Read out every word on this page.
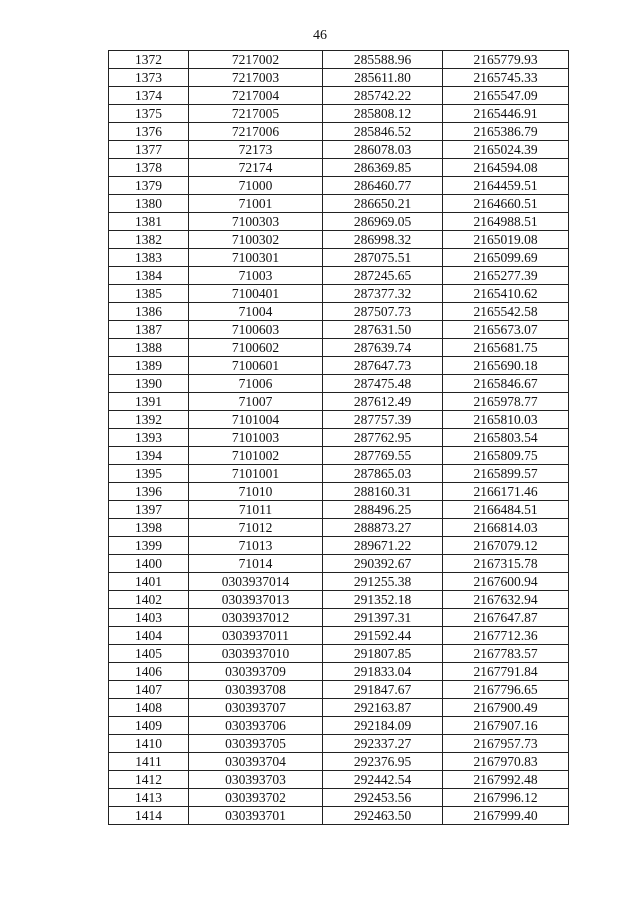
46
1372	7217002	285588.96	2165779.93
1373	7217003	285611.80	2165745.33
1374	7217004	285742.22	2165547.09
1375	7217005	285808.12	2165446.91
1376	7217006	285846.52	2165386.79
1377	72173	286078.03	2165024.39
1378	72174	286369.85	2164594.08
1379	71000	286460.77	2164459.51
1380	71001	286650.21	2164660.51
1381	7100303	286969.05	2164988.51
1382	7100302	286998.32	2165019.08
1383	7100301	287075.51	2165099.69
1384	71003	287245.65	2165277.39
1385	7100401	287377.32	2165410.62
1386	71004	287507.73	2165542.58
1387	7100603	287631.50	2165673.07
1388	7100602	287639.74	2165681.75
1389	7100601	287647.73	2165690.18
1390	71006	287475.48	2165846.67
1391	71007	287612.49	2165978.77
1392	7101004	287757.39	2165810.03
1393	7101003	287762.95	2165803.54
1394	7101002	287769.55	2165809.75
1395	7101001	287865.03	2165899.57
1396	71010	288160.31	2166171.46
1397	71011	288496.25	2166484.51
1398	71012	288873.27	2166814.03
1399	71013	289671.22	2167079.12
1400	71014	290392.67	2167315.78
1401	0303937014	291255.38	2167600.94
1402	0303937013	291352.18	2167632.94
1403	0303937012	291397.31	2167647.87
1404	0303937011	291592.44	2167712.36
1405	0303937010	291807.85	2167783.57
1406	030393709	291833.04	2167791.84
1407	030393708	291847.67	2167796.65
1408	030393707	292163.87	2167900.49
1409	030393706	292184.09	2167907.16
1410	030393705	292337.27	2167957.73
1411	030393704	292376.95	2167970.83
1412	030393703	292442.54	2167992.48
1413	030393702	292453.56	2167996.12
1414	030393701	292463.50	2167999.40
